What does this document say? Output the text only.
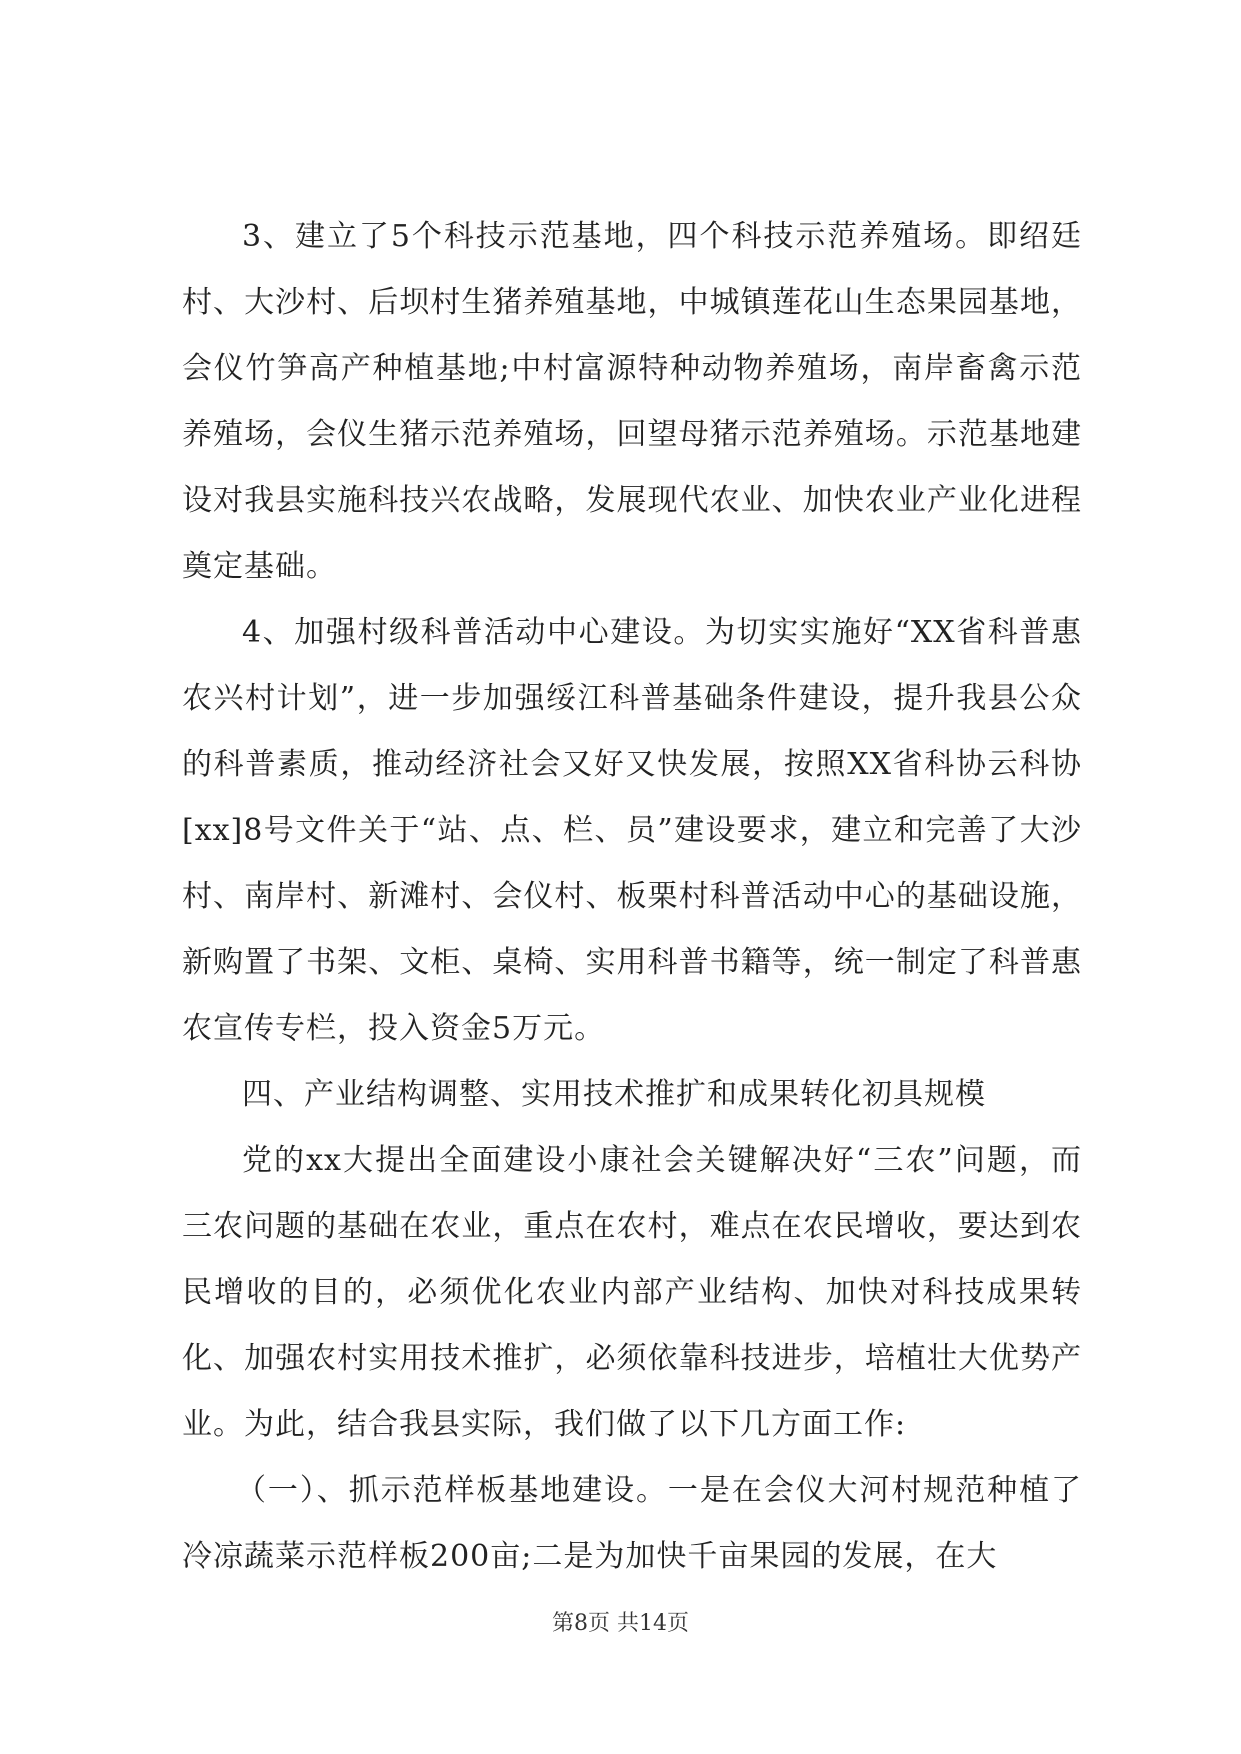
3、建立了5个科技示范基地，四个科技示范养殖场。即绍廷村、大沙村、后坝村生猪养殖基地，中城镇莲花山生态果园基地，会仪竹笋高产种植基地;中村富源特种动物养殖场，南岸畜禽示范养殖场，会仪生猪示范养殖场，回望母猪示范养殖场。示范基地建设对我县实施科技兴农战略，发展现代农业、加快农业产业化进程奠定基础。

4、加强村级科普活动中心建设。为切实实施好“XX省科普惠农兴村计划”，进一步加强绥江科普基础条件建设，提升我县公众的科普素质，推动经济社会又好又快发展，按照XX省科协云科协[xx]8号文件关于“站、点、栏、员”建设要求，建立和完善了大沙村、南岸村、新滩村、会仪村、板栗村科普活动中心的基础设施，新购置了书架、文柜、桌椅、实用科普书籍等，统一制定了科普惠农宣传专栏，投入资金5万元。

四、产业结构调整、实用技术推扩和成果转化初具规模

党的xx大提出全面建设小康社会关键解决好“三农”问题，而三农问题的基础在农业，重点在农村，难点在农民增收，要达到农民增收的目的，必须优化农业内部产业结构、加快对科技成果转化、加强农村实用技术推扩，必须依靠科技进步，培植壮大优势产业。为此，结合我县实际，我们做了以下几方面工作:

（一）、抓示范样板基地建设。一是在会仪大河村规范种植了冷凉蔬菜示范样板200亩;二是为加快千亩果园的发展，在大

第8页 共14页
